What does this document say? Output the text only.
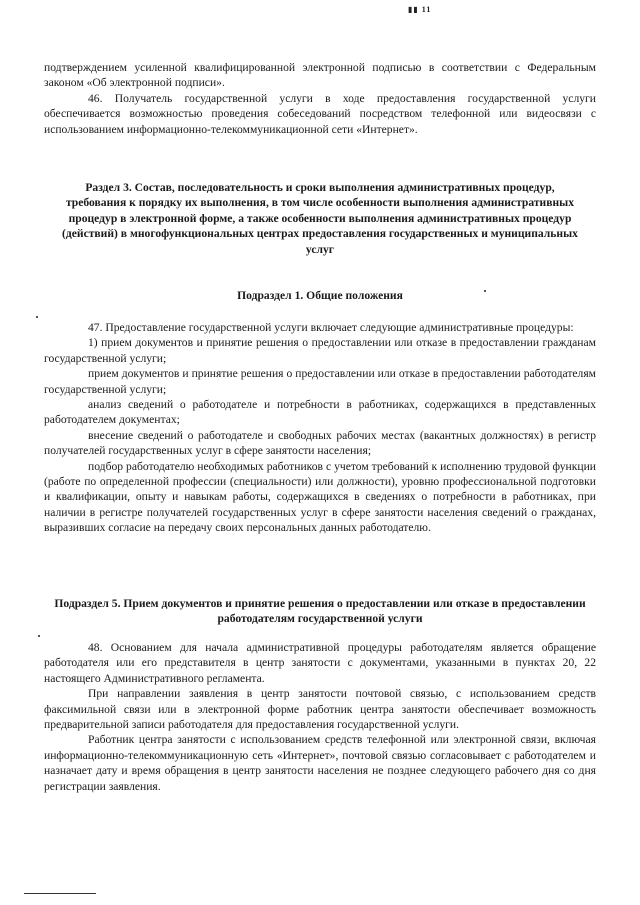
▮▮ 11

подтверждением усиленной квалифицированной электронной подписью в соответствии с Федеральным законом «Об электронной подписи».

46. Получатель государственной услуги в ходе предоставления государственной услуги обеспечивается возможностью проведения собеседований посредством телефонной или видеосвязи с использованием информационно-телекоммуникационной сети «Интернет».

Раздел 3. Состав, последовательность и сроки выполнения административных процедур, требования к порядку их выполнения, в том числе особенности выполнения административных процедур в электронной форме, а также особенности выполнения административных процедур (действий) в многофункциональных центрах предоставления государственных и муниципальных услуг
Подраздел 1. Общие положения

47. Предоставление государственной услуги включает следующие административные процедуры:

1) прием документов и принятие решения о предоставлении или отказе в предоставлении гражданам государственной услуги;

прием документов и принятие решения о предоставлении или отказе в предоставлении работодателям государственной услуги;

анализ сведений о работодателе и потребности в работниках, содержащихся в представленных работодателем документах;

внесение сведений о работодателе и свободных рабочих местах (вакантных должностях) в регистр получателей государственных услуг в сфере занятости населения;

подбор работодателю необходимых работников с учетом требований к исполнению трудовой функции (работе по определенной профессии (специальности) или должности), уровню профессиональной подготовки и квалификации, опыту и навыкам работы, содержащихся в сведениях о потребности в работниках, при наличии в регистре получателей государственных услуг в сфере занятости населения сведений о гражданах, выразивших согласие на передачу своих персональных данных работодателю.

Подраздел 5. Прием документов и принятие решения о предоставлении или отказе в предоставлении работодателям государственной услуги

48. Основанием для начала административной процедуры работодателям является обращение работодателя или его представителя в центр занятости с документами, указанными в пунктах 20, 22 настоящего Административного регламента.

При направлении заявления в центр занятости почтовой связью, с использованием средств факсимильной связи или в электронной форме работник центра занятости обеспечивает возможность предварительной записи работодателя для предоставления государственной услуги.

Работник центра занятости с использованием средств телефонной или электронной связи, включая информационно-телекоммуникационную сеть «Интернет», почтовой связью согласовывает с работодателем и назначает дату и время обращения в центр занятости населения не позднее следующего рабочего дня со дня регистрации заявления.
